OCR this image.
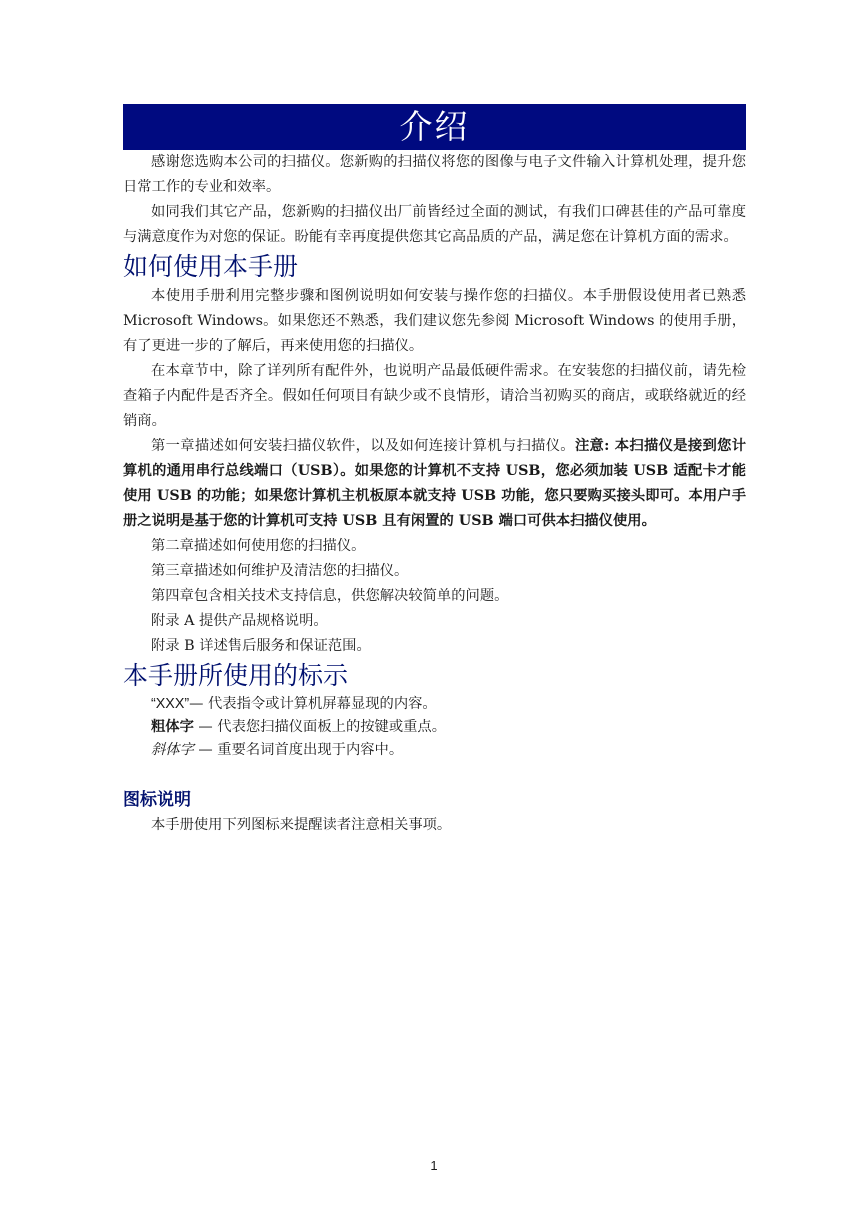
介绍

感谢您选购本公司的扫描仪。您新购的扫描仪将您的图像与电子文件输入计算机处理，提升您日常工作的专业和效率。

如同我们其它产品，您新购的扫描仪出厂前皆经过全面的测试，有我们口碑甚佳的产品可靠度与满意度作为对您的保证。盼能有幸再度提供您其它高品质的产品，满足您在计算机方面的需求。

如何使用本手册

本使用手册利用完整步骤和图例说明如何安装与操作您的扫描仪。本手册假设使用者已熟悉 Microsoft Windows。如果您还不熟悉，我们建议您先参阅 Microsoft Windows 的使用手册，有了更进一步的了解后，再来使用您的扫描仪。

在本章节中，除了详列所有配件外，也说明产品最低硬件需求。在安装您的扫描仪前，请先检查箱子内配件是否齐全。假如任何项目有缺少或不良情形，请洽当初购买的商店，或联络就近的经销商。

第一章描述如何安装扫描仪软件，以及如何连接计算机与扫描仪。注意: 本扫描仪是接到您计算机的通用串行总线端口（USB）。如果您的计算机不支持 USB，您必须加装 USB 适配卡才能使用 USB 的功能；如果您计算机主机板原本就支持 USB 功能，您只要购买接头即可。本用户手册之说明是基于您的计算机可支持 USB 且有闲置的 USB 端口可供本扫描仪使用。

第二章描述如何使用您的扫描仪。

第三章描述如何维护及清洁您的扫描仪。

第四章包含相关技术支持信息，供您解决较简单的问题。

附录 A 提供产品规格说明。

附录 B 详述售后服务和保证范围。

本手册所使用的标示

“XXX”— 代表指令或计算机屏幕显现的内容。

粗体字 — 代表您扫描仪面板上的按键或重点。

斜体字 — 重要名词首度出现于内容中。

图标说明

本手册使用下列图标来提醒读者注意相关事项。

1
